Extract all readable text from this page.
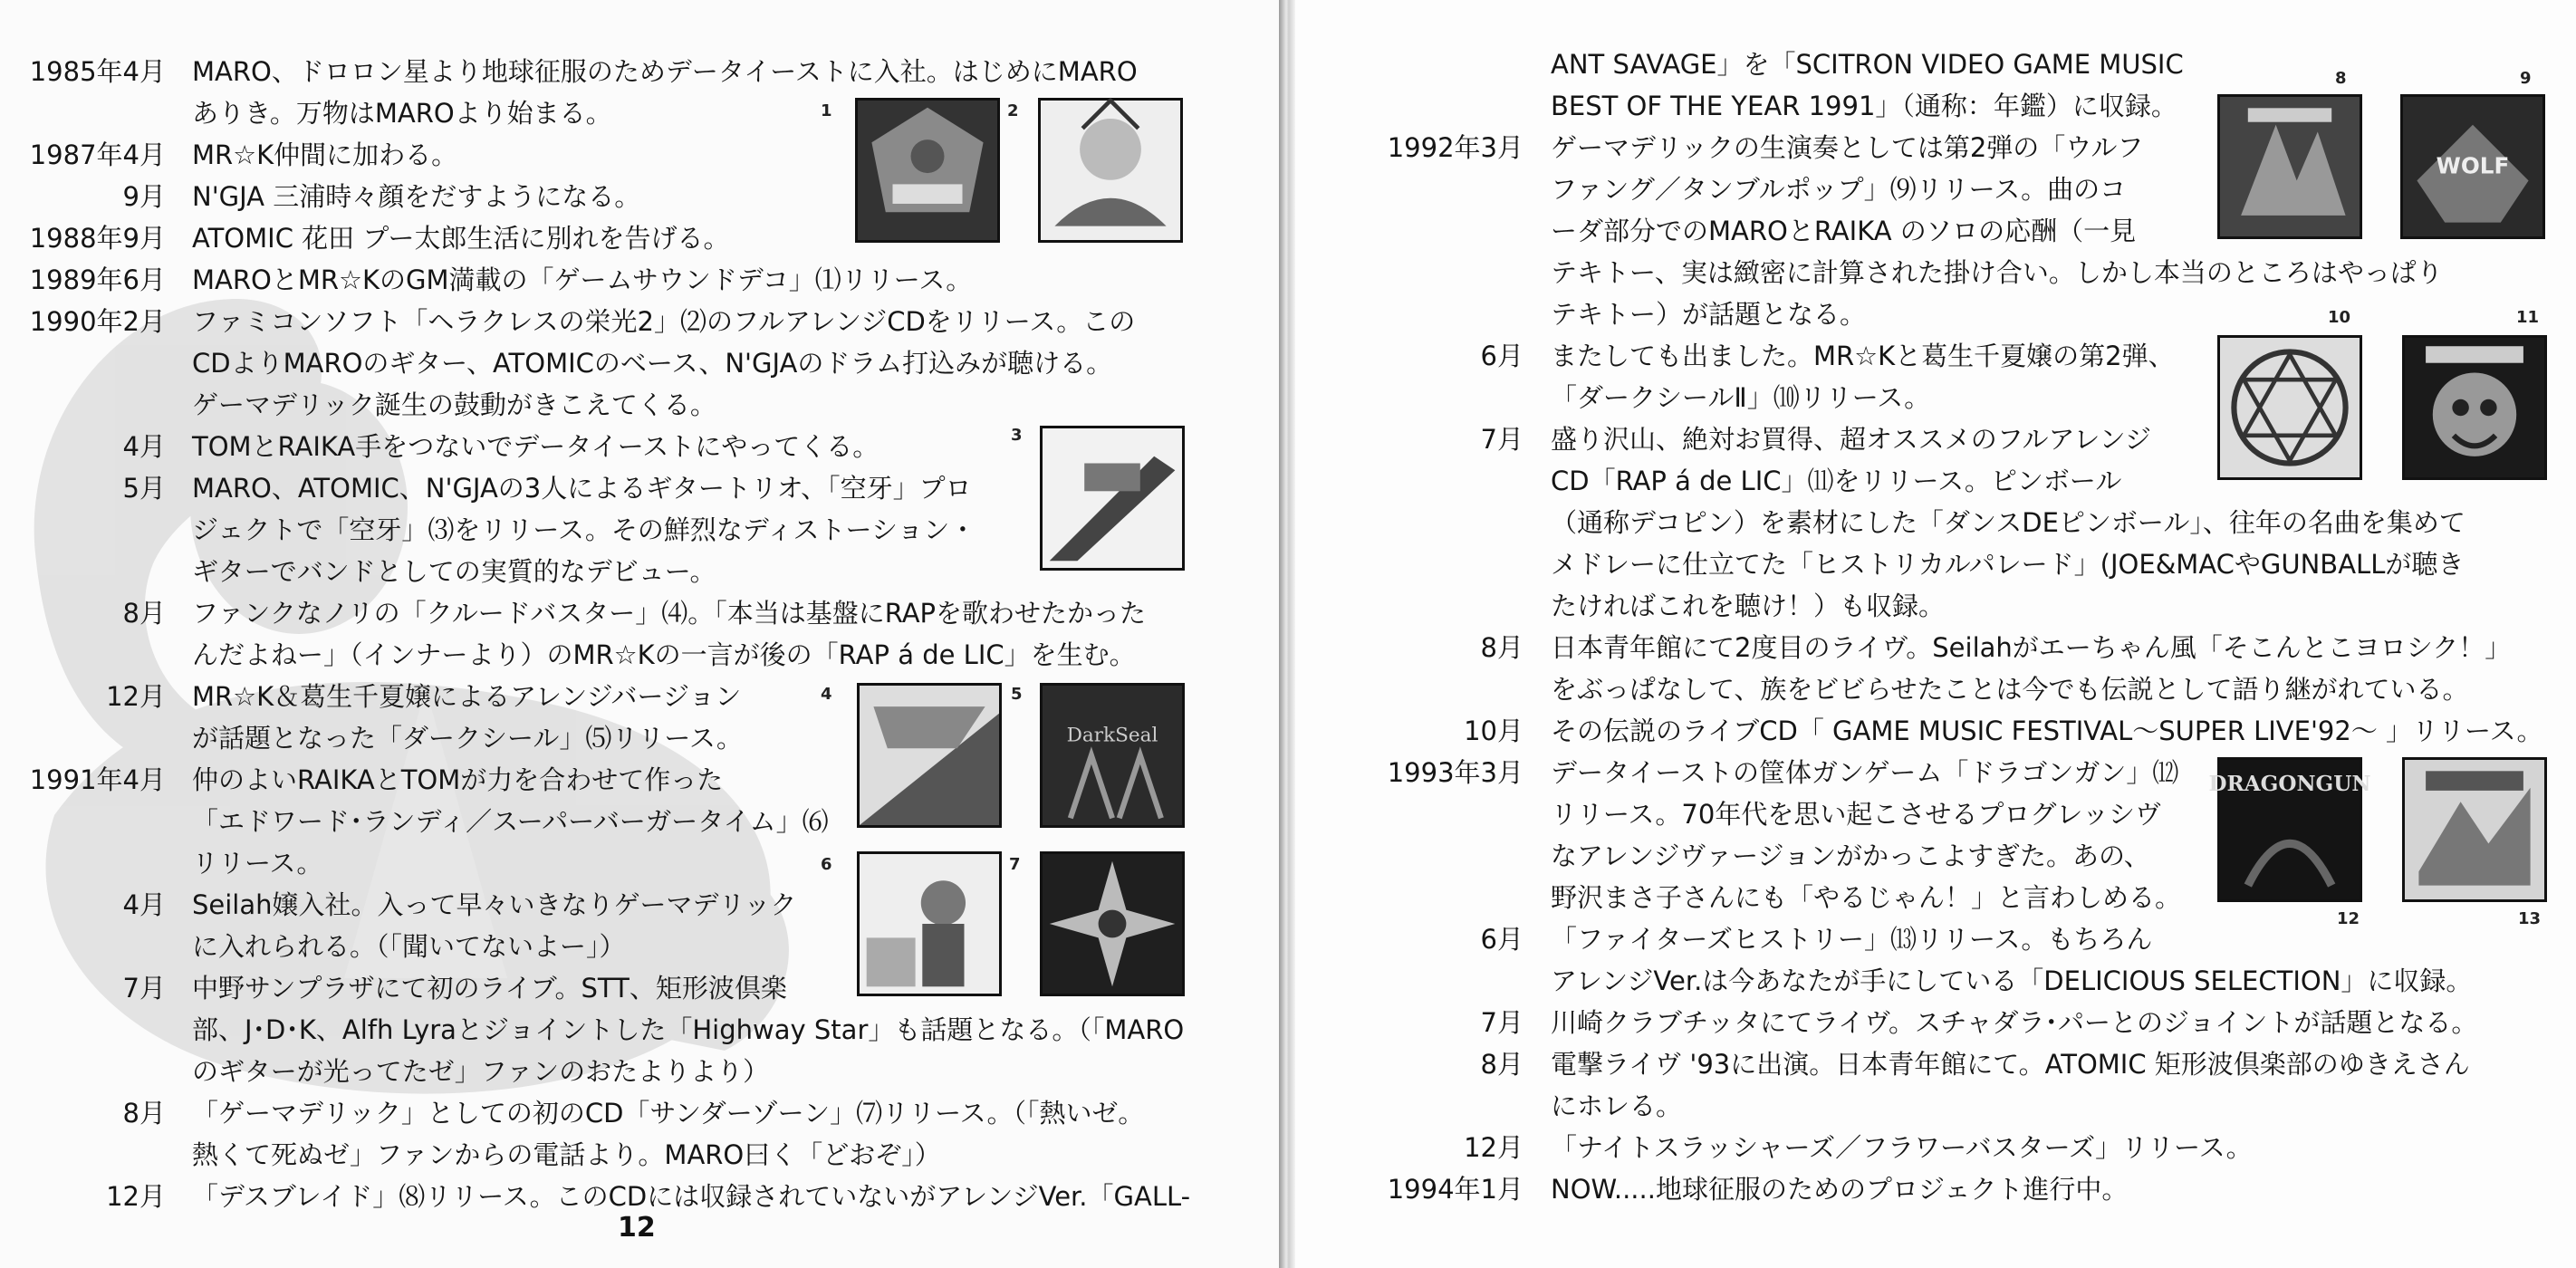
1985年4月 MARO、ドロロン星より地球征服のためデータイーストに入社。はじめにMARO
ありき。万物はMAROより始まる。
1987年4月 MR☆K仲間に加わる。
9月 N'GJA 三浦時々顔をだすようになる。
1988年9月 ATOMIC 花田 プー太郎生活に別れを告げる。
1989年6月 MAROとMR☆KのGM満載の「ゲームサウンドデコ」⑴リリース。
1990年2月 ファミコンソフト「ヘラクレスの栄光2」⑵のフルアレンジCDをリリース。この
CDよりMAROのギター、ATOMICのベース、N'GJAのドラム打込みが聴ける。
ゲーマデリック誕生の鼓動がきこえてくる。
4月 TOMとRAIKA手をつないでデータイーストにやってくる。
5月 MARO、ATOMIC、N'GJAの3人によるギタートリオ、「空牙」プロ
ジェクトで「空牙」⑶をリリース。その鮮烈なディストーション・
ギターでバンドとしての実質的なデビュー。
8月 ファンクなノリの「クルードバスター」⑷。「本当は基盤にRAPを歌わせたかった
んだよねー」（インナーより）のMR☆Kの一言が後の「RAP á de LIC」を生む。
12月 MR☆K＆葛生千夏嬢によるアレンジバージョン
が話題となった「ダークシール」⑸リリース。
1991年4月 仲のよいRAIKAとTOMが力を合わせて作った
「エドワード･ランディ／スーパーバーガータイム」⑹
リリース。
4月 Seilah嬢入社。入って早々いきなりゲーマデリック
に入れられる。（「聞いてないよー」）
7月 中野サンプラザにて初のライブ。STT、矩形波倶楽
部、J･D･K、Alfh Lyraとジョイントした「Highway Star」も話題となる。（「MARO
のギターが光ってたゼ」ファンのおたよりより）
8月 「ゲーマデリック」としての初のCD「サンダーゾーン」⑺リリース。（「熱いゼ。
熱くて死ぬゼ」ファンからの電話より。MARO曰く「どおぞ」）
12月 「デスブレイド」⑻リリース。このCDには収録されていないがアレンジVer.「GALL-
1	2
3
4	5
DarkSeal
6	7
12
ANT SAVAGE」を「SCITRON VIDEO GAME MUSIC
BEST OF THE YEAR 1991」（通称：年鑑）に収録。
1992年3月 ゲーマデリックの生演奏としては第2弾の「ウルフ
ファング／タンブルポップ」⑼リリース。曲のコ
ーダ部分でのMAROとRAIKA のソロの応酬（一見
テキトー、実は緻密に計算された掛け合い。しかし本当のところはやっぱり
テキトー）が話題となる。
6月 またしても出ました。MR☆Kと葛生千夏嬢の第2弾、
「ダークシールⅡ」⑽リリース。
7月 盛り沢山、絶対お買得、超オススメのフルアレンジ
CD「RAP á de LIC」⑾をリリース。ピンボール
（通称デコピン）を素材にした「ダンスDEピンボール」、往年の名曲を集めて
メドレーに仕立てた「ヒストリカルパレード」(JOE&MACやGUNBALLが聴き
たければこれを聴け！）も収録。
8月 日本青年館にて2度目のライヴ。Seilahがエーちゃん風「そこんとこヨロシク！」
をぶっぱなして、族をビビらせたことは今でも伝説として語り継がれている。
10月 その伝説のライブCD「 GAME MUSIC FESTIVAL〜SUPER LIVE'92〜 」リリース。
1993年3月 データイーストの筐体ガンゲーム「ドラゴンガン」⑿
リリース。70年代を思い起こさせるプログレッシヴ
なアレンジヴァージョンがかっこよすぎた。あの、
野沢まさ子さんにも「やるじゃん！」と言わしめる。
6月 「ファイターズヒストリー」⒀リリース。もちろん
アレンジVer.は今あなたが手にしている「DELICIOUS SELECTION」に収録。
7月 川崎クラブチッタにてライヴ。スチャダラ･パーとのジョイントが話題となる。
8月 電撃ライヴ '93に出演。日本青年館にて。ATOMIC 矩形波倶楽部のゆきえさん
にホレる。
12月 「ナイトスラッシャーズ／フラワーバスターズ」リリース。
1994年1月 NOW.....地球征服のためのプロジェクト進行中。
8	9
WOLF
10	11
DRAGONGUN
12	13
